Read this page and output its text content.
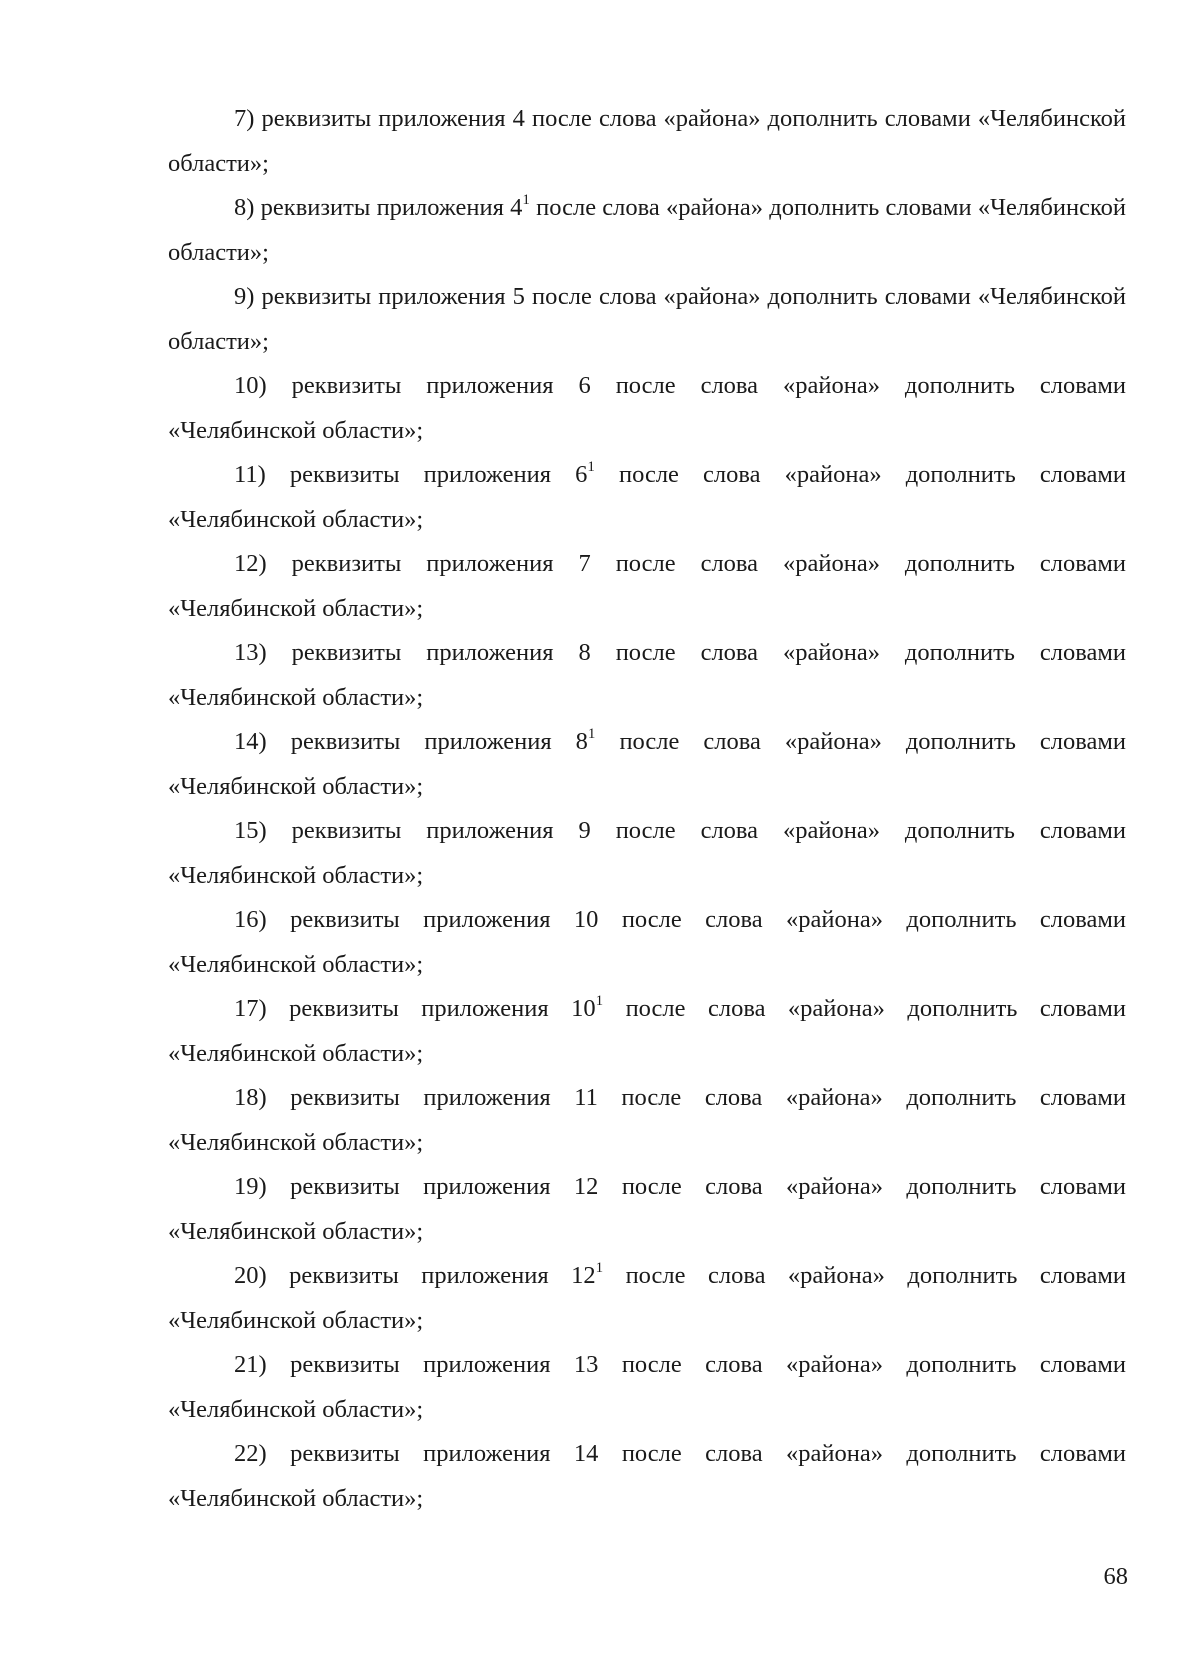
7) реквизиты приложения 4 после слова «района» дополнить словами «Челябинской области»;

8) реквизиты приложения $4^1$ после слова «района» дополнить словами «Челябинской области»;

9) реквизиты приложения 5 после слова «района» дополнить словами «Челябинской области»;

10) реквизиты приложения 6 после слова «района» дополнить словами «Челябинской области»;

11) реквизиты приложения $6^1$ после слова «района» дополнить словами «Челябинской области»;

12) реквизиты приложения 7 после слова «района» дополнить словами «Челябинской области»;

13) реквизиты приложения 8 после слова «района» дополнить словами «Челябинской области»;

14) реквизиты приложения $8^1$ после слова «района» дополнить словами «Челябинской области»;

15) реквизиты приложения 9 после слова «района» дополнить словами «Челябинской области»;

16) реквизиты приложения 10 после слова «района» дополнить словами «Челябинской области»;

17) реквизиты приложения $10^1$ после слова «района» дополнить словами «Челябинской области»;

18) реквизиты приложения 11 после слова «района» дополнить словами «Челябинской области»;

19) реквизиты приложения 12 после слова «района» дополнить словами «Челябинской области»;

20) реквизиты приложения $12^1$ после слова «района» дополнить словами «Челябинской области»;

21) реквизиты приложения 13 после слова «района» дополнить словами «Челябинской области»;

22) реквизиты приложения 14 после слова «района» дополнить словами «Челябинской области»;

68
